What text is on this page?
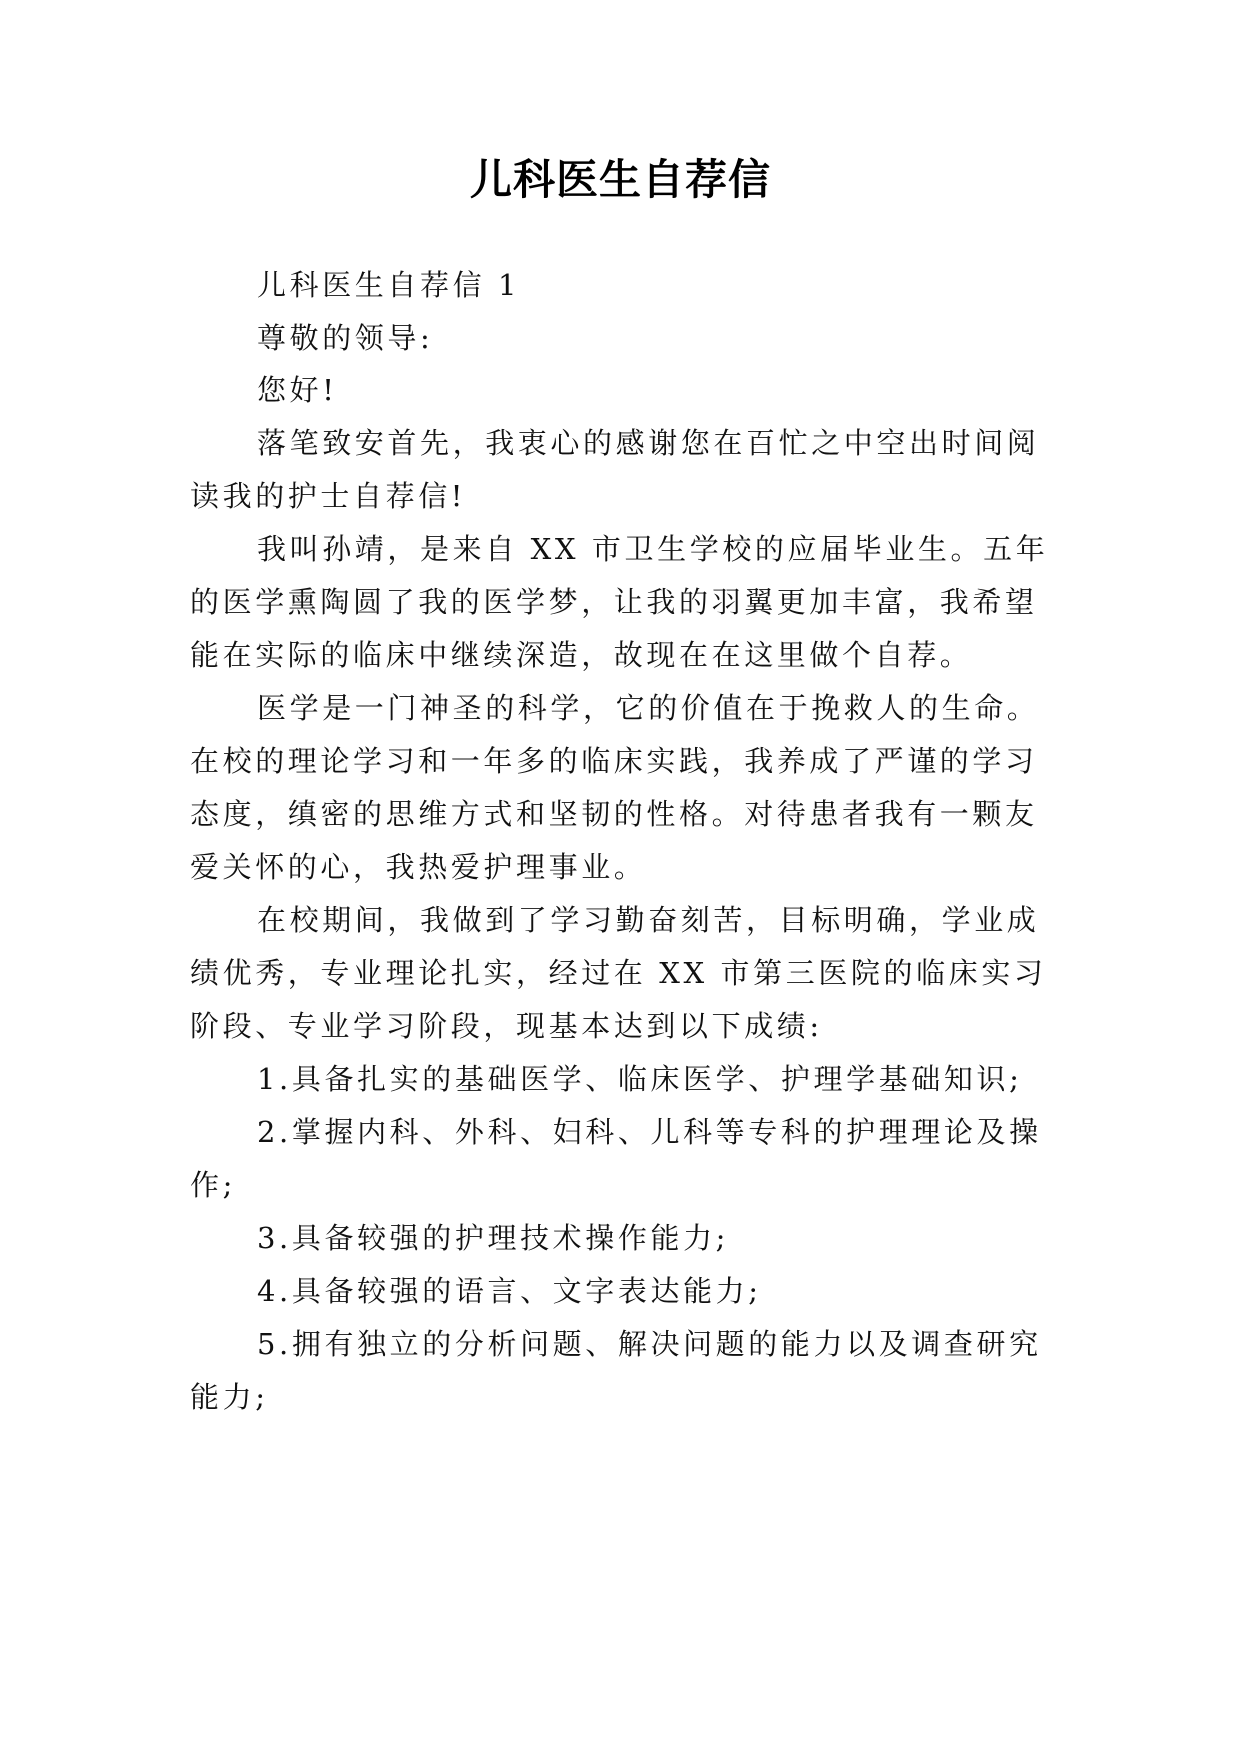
儿科医生自荐信
儿科医生自荐信 1
尊敬的领导:
您好!
落笔致安首先，我衷心的感谢您在百忙之中空出时间阅
读我的护士自荐信!
我叫孙靖，是来自 XX 市卫生学校的应届毕业生。五年
的医学熏陶圆了我的医学梦，让我的羽翼更加丰富，我希望
能在实际的临床中继续深造，故现在在这里做个自荐。
医学是一门神圣的科学，它的价值在于挽救人的生命。
在校的理论学习和一年多的临床实践，我养成了严谨的学习
态度，缜密的思维方式和坚韧的性格。对待患者我有一颗友
爱关怀的心，我热爱护理事业。
在校期间，我做到了学习勤奋刻苦，目标明确，学业成
绩优秀，专业理论扎实，经过在 XX 市第三医院的临床实习
阶段、专业学习阶段，现基本达到以下成绩:
1.具备扎实的基础医学、临床医学、护理学基础知识;
2.掌握内科、外科、妇科、儿科等专科的护理理论及操
作;
3.具备较强的护理技术操作能力;
4.具备较强的语言、文字表达能力;
5.拥有独立的分析问题、解决问题的能力以及调查研究
能力;
